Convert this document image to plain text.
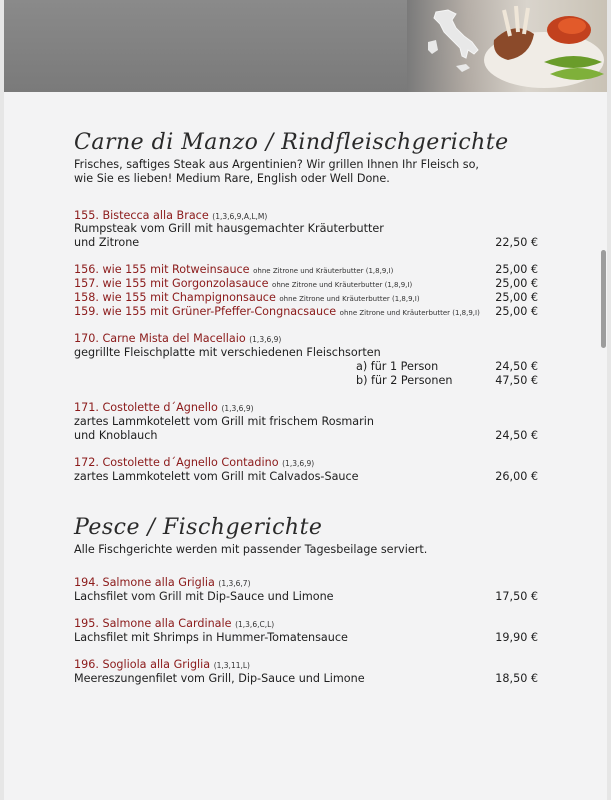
Carne di Manzo / Rindfleischgerichte
Frisches, saftiges Steak aus Argentinien? Wir grillen Ihnen Ihr Fleisch so,
wie Sie es lieben! Medium Rare, English oder Well Done.
155. Bistecca alla Brace (1,3,6,9,A,L,M)
Rumpsteak vom Grill mit hausgemachter Kräuterbutter
und Zitrone	22,50 €
156. wie 155 mit Rotweinsauce ohne Zitrone und Kräuterbutter (1,8,9,I)	25,00 €
157. wie 155 mit Gorgonzolasauce ohne Zitrone und Kräuterbutter (1,8,9,I)	25,00 €
158. wie 155 mit Champignonsauce ohne Zitrone und Kräuterbutter (1,8,9,I)	25,00 €
159. wie 155 mit Grüner-Pfeffer-Congnacsauce ohne Zitrone und Kräuterbutter (1,8,9,I)	25,00 €
170. Carne Mista del Macellaio (1,3,6,9)
gegrillte Fleischplatte mit verschiedenen Fleischsorten
a) für 1 Person	24,50 €
b) für 2 Personen	47,50 €
171. Costolette d´Agnello (1,3,6,9)
zartes Lammkotelett vom Grill mit frischem Rosmarin
und Knoblauch	24,50 €
172. Costolette d´Agnello Contadino (1,3,6,9)
zartes Lammkotelett vom Grill mit Calvados-Sauce	26,00 €
Pesce / Fischgerichte
Alle Fischgerichte werden mit passender Tagesbeilage serviert.
194. Salmone alla Griglia (1,3,6,7)
Lachsfilet vom Grill mit Dip-Sauce und Limone	17,50 €
195. Salmone alla Cardinale (1,3,6,C,L)
Lachsfilet mit Shrimps in Hummer-Tomatensauce	19,90 €
196. Sogliola alla Griglia (1,3,11,L)
Meereszungenfilet vom Grill, Dip-Sauce und Limone	18,50 €
